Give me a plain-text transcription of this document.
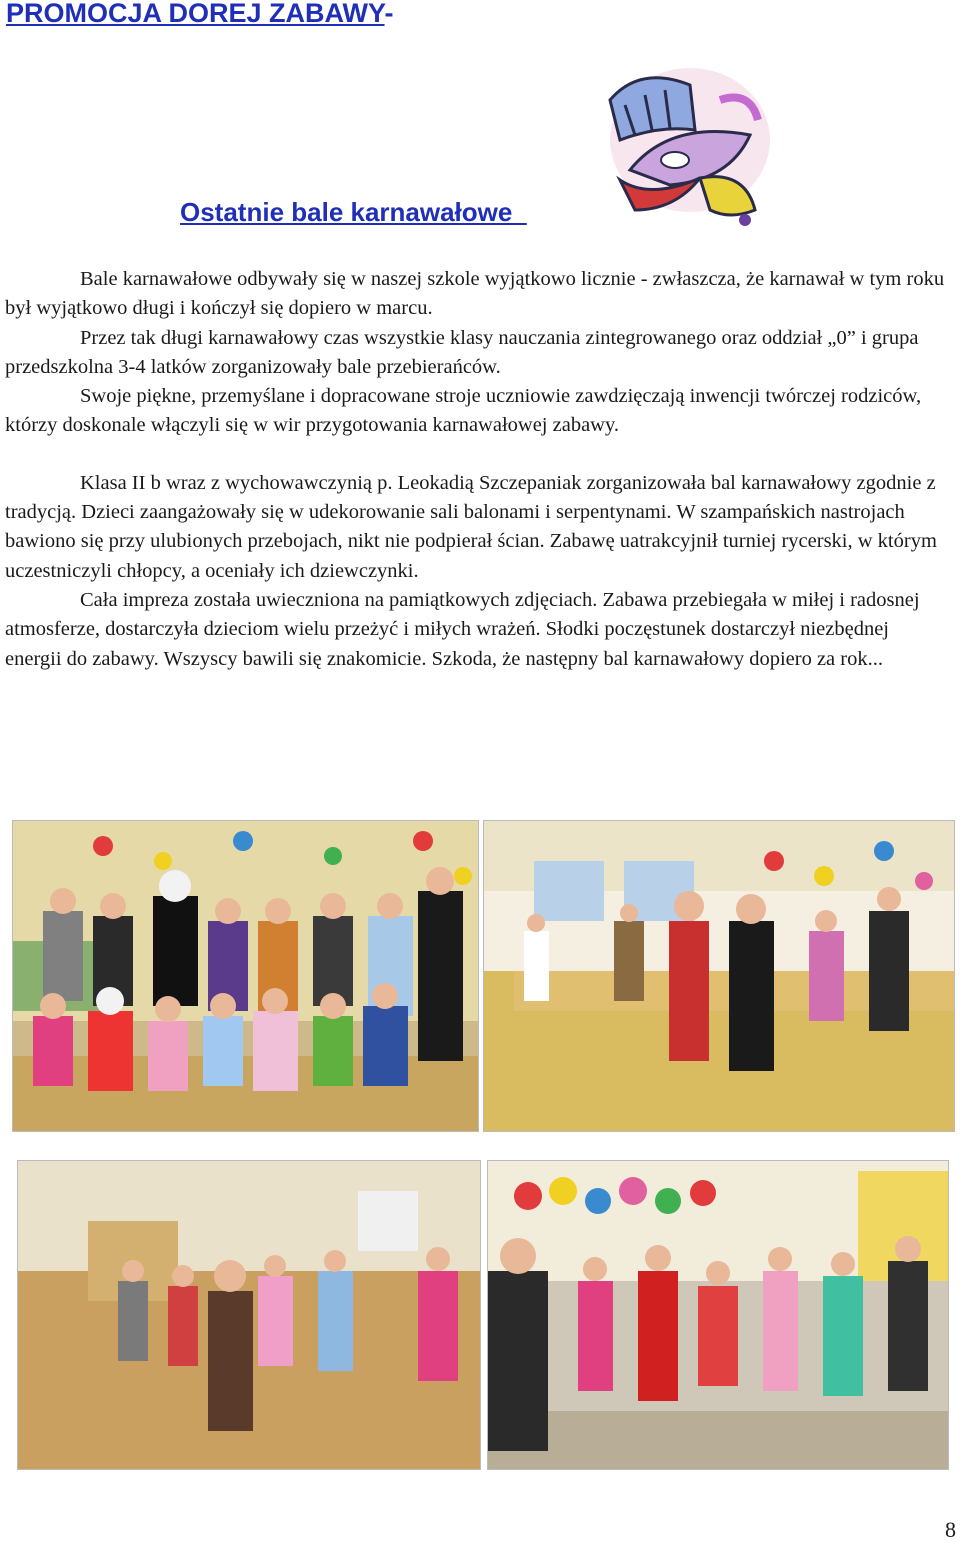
PROMOCJA DOREJ ZABAWY-
Ostatnie bale karnawałowe

Bale karnawałowe odbywały się w naszej szkole wyjątkowo licznie - zwłaszcza, że karnawał w tym roku był wyjątkowo długi i kończył się dopiero w marcu.

Przez tak długi karnawałowy czas wszystkie klasy nauczania zintegrowanego oraz oddział „0” i grupa przedszkolna 3-4 latków zorganizowały bale przebierańców.

Swoje piękne, przemyślane i dopracowane stroje uczniowie zawdzięczają inwencji twórczej rodziców, którzy doskonale włączyli się w wir przygotowania karnawałowej zabawy.

Klasa II b wraz z wychowawczynią p. Leokadią Szczepaniak zorganizowała bal karnawałowy zgodnie z tradycją. Dzieci zaangażowały się w udekorowanie sali balonami i serpentynami. W szampańskich nastrojach bawiono się przy ulubionych przebojach, nikt nie podpierał ścian. Zabawę uatrakcyjnił turniej rycerski, w którym uczestniczyli chłopcy, a oceniały ich dziewczynki.

Cała impreza została uwieczniona na pamiątkowych zdjęciach. Zabawa przebiegała w miłej i radosnej atmosferze, dostarczyła dzieciom wielu przeżyć i miłych wrażeń. Słodki poczęstunek dostarczył niezbędnej energii do zabawy. Wszyscy bawili się znakomicie. Szkoda, że następny bal karnawałowy dopiero za rok...

8
